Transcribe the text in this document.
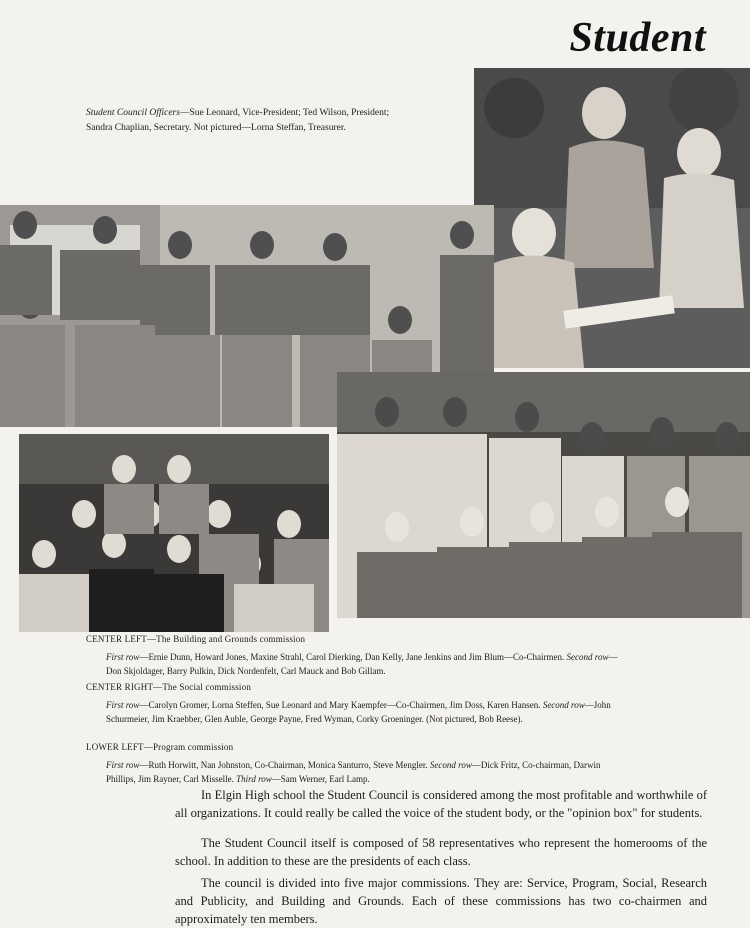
Student
Student Council Officers—Sue Leonard, Vice-President; Ted Wilson, President; Sandra Chaplian, Secretary. Not pictured—Lorna Steffan, Treasurer.
CENTER LEFT—The Building and Grounds commission
First row—Ernie Dunn, Howard Jones, Maxine Strahl, Carol Dierking, Dan Kelly, Jane Jenkins and Jim Blum—Co-Chairmen. Second row—Don Skjoldager, Barry Pulkin, Dick Nordenfelt, Carl Mauck and Bob Gillam.
CENTER RIGHT—The Social commission
First row—Carolyn Gromer, Lorna Steffen, Sue Leonard and Mary Kaempfer—Co-Chairmen, Jim Doss, Karen Hansen. Second row—John Schurmeier, Jim Kraebber, Glen Auble, George Payne, Fred Wyman, Corky Groeninger. (Not pictured, Bob Reese).
LOWER LEFT—Program commission
First row—Ruth Horwitt, Nan Johnston, Co-Chairman, Monica Santurro, Steve Mengler. Second row—Dick Fritz, Co-chairman, Darwin Phillips, Jim Rayner, Carl Misselle. Third row—Sam Werner, Earl Lamp.
In Elgin High school the Student Council is considered among the most profitable and worthwhile of all organizations. It could really be called the voice of the student body, or the "opinion box" for students.
The Student Council itself is composed of 58 representatives who represent the homerooms of the school. In addition to these are the presidents of each class.
The council is divided into five major commissions. They are: Service, Program, Social, Research and Publicity, and Building and Grounds. Each of these commissions has two co-chairmen and approximately ten members.
